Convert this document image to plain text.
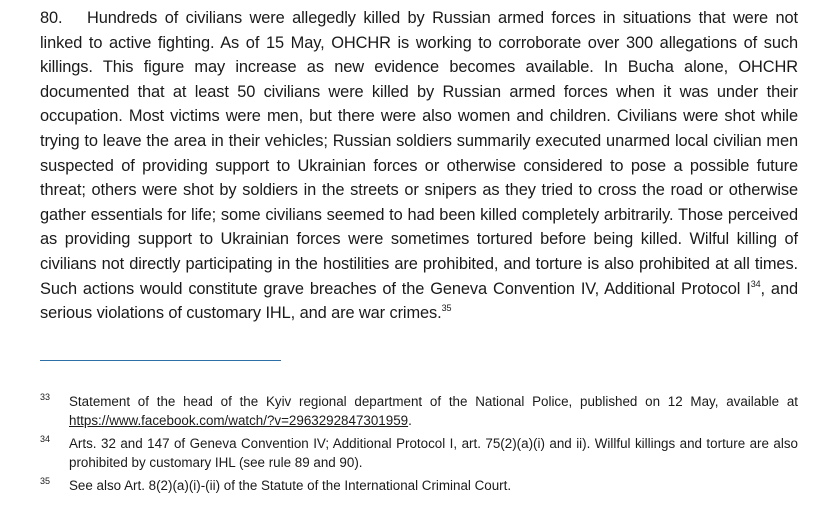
80. Hundreds of civilians were allegedly killed by Russian armed forces in situations that were not linked to active fighting. As of 15 May, OHCHR is working to corroborate over 300 allegations of such killings. This figure may increase as new evidence becomes available. In Bucha alone, OHCHR documented that at least 50 civilians were killed by Russian armed forces when it was under their occupation. Most victims were men, but there were also women and children. Civilians were shot while trying to leave the area in their vehicles; Russian soldiers summarily executed unarmed local civilian men suspected of providing support to Ukrainian forces or otherwise considered to pose a possible future threat; others were shot by soldiers in the streets or snipers as they tried to cross the road or otherwise gather essentials for life; some civilians seemed to had been killed completely arbitrarily. Those perceived as providing support to Ukrainian forces were sometimes tortured before being killed. Wilful killing of civilians not directly participating in the hostilities are prohibited, and torture is also prohibited at all times. Such actions would constitute grave breaches of the Geneva Convention IV, Additional Protocol $I^{34}$, and serious violations of customary IHL, and are war crimes.$^{35}$

33 Statement of the head of the Kyiv regional department of the National Police, published on 12 May, available at https://www.facebook.com/watch/?v=2963292847301959.
34 Arts. 32 and 147 of Geneva Convention IV; Additional Protocol I, art. 75(2)(a)(i) and ii). Willful killings and torture are also prohibited by customary IHL (see rule 89 and 90).
35 See also Art. 8(2)(a)(i)-(ii) of the Statute of the International Criminal Court.
